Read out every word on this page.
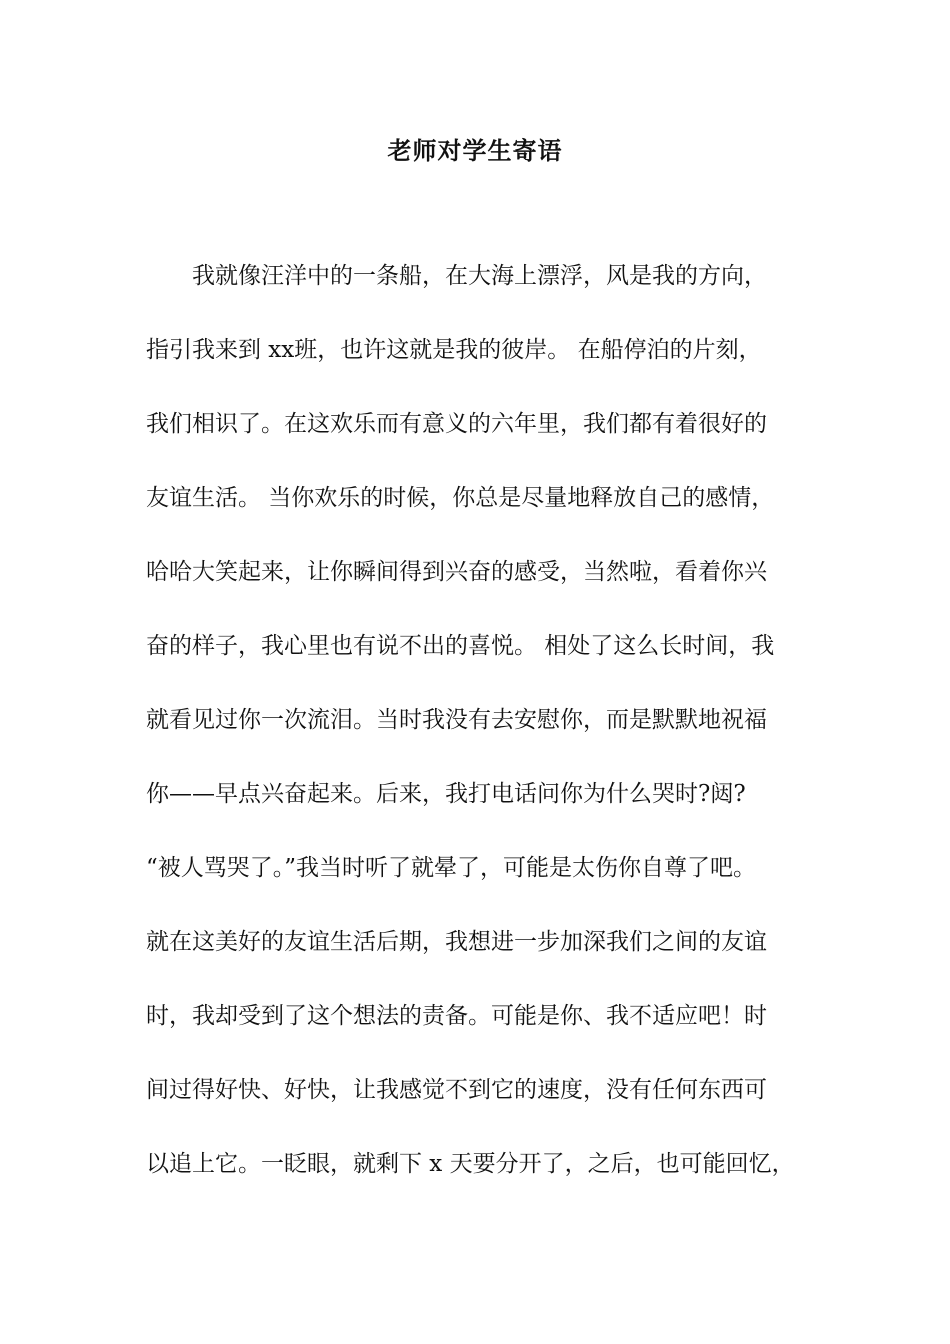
老师对学生寄语
　　我就像汪洋中的一条船，在大海上漂浮，风是我的方向，
指引我来到 xx班，也许这就是我的彼岸。 在船停泊的片刻，
我们相识了。在这欢乐而有意义的六年里，我们都有着很好的
友谊生活。 当你欢乐的时候，你总是尽量地释放自己的感情，
哈哈大笑起来，让你瞬间得到兴奋的感受，当然啦，看着你兴
奋的样子，我心里也有说不出的喜悦。 相处了这么长时间，我
就看见过你一次流泪。当时我没有去安慰你，而是默默地祝福
你——早点兴奋起来。后来，我打电话问你为什么哭时?闼?
“被人骂哭了。”我当时听了就晕了，可能是太伤你自尊了吧。
就在这美好的友谊生活后期，我想进一步加深我们之间的友谊
时，我却受到了这个想法的责备。可能是你、我不适应吧！时
间过得好快、好快，让我感觉不到它的速度，没有任何东西可
以追上它。一眨眼，就剩下 x 天要分开了，之后，也可能回忆，
